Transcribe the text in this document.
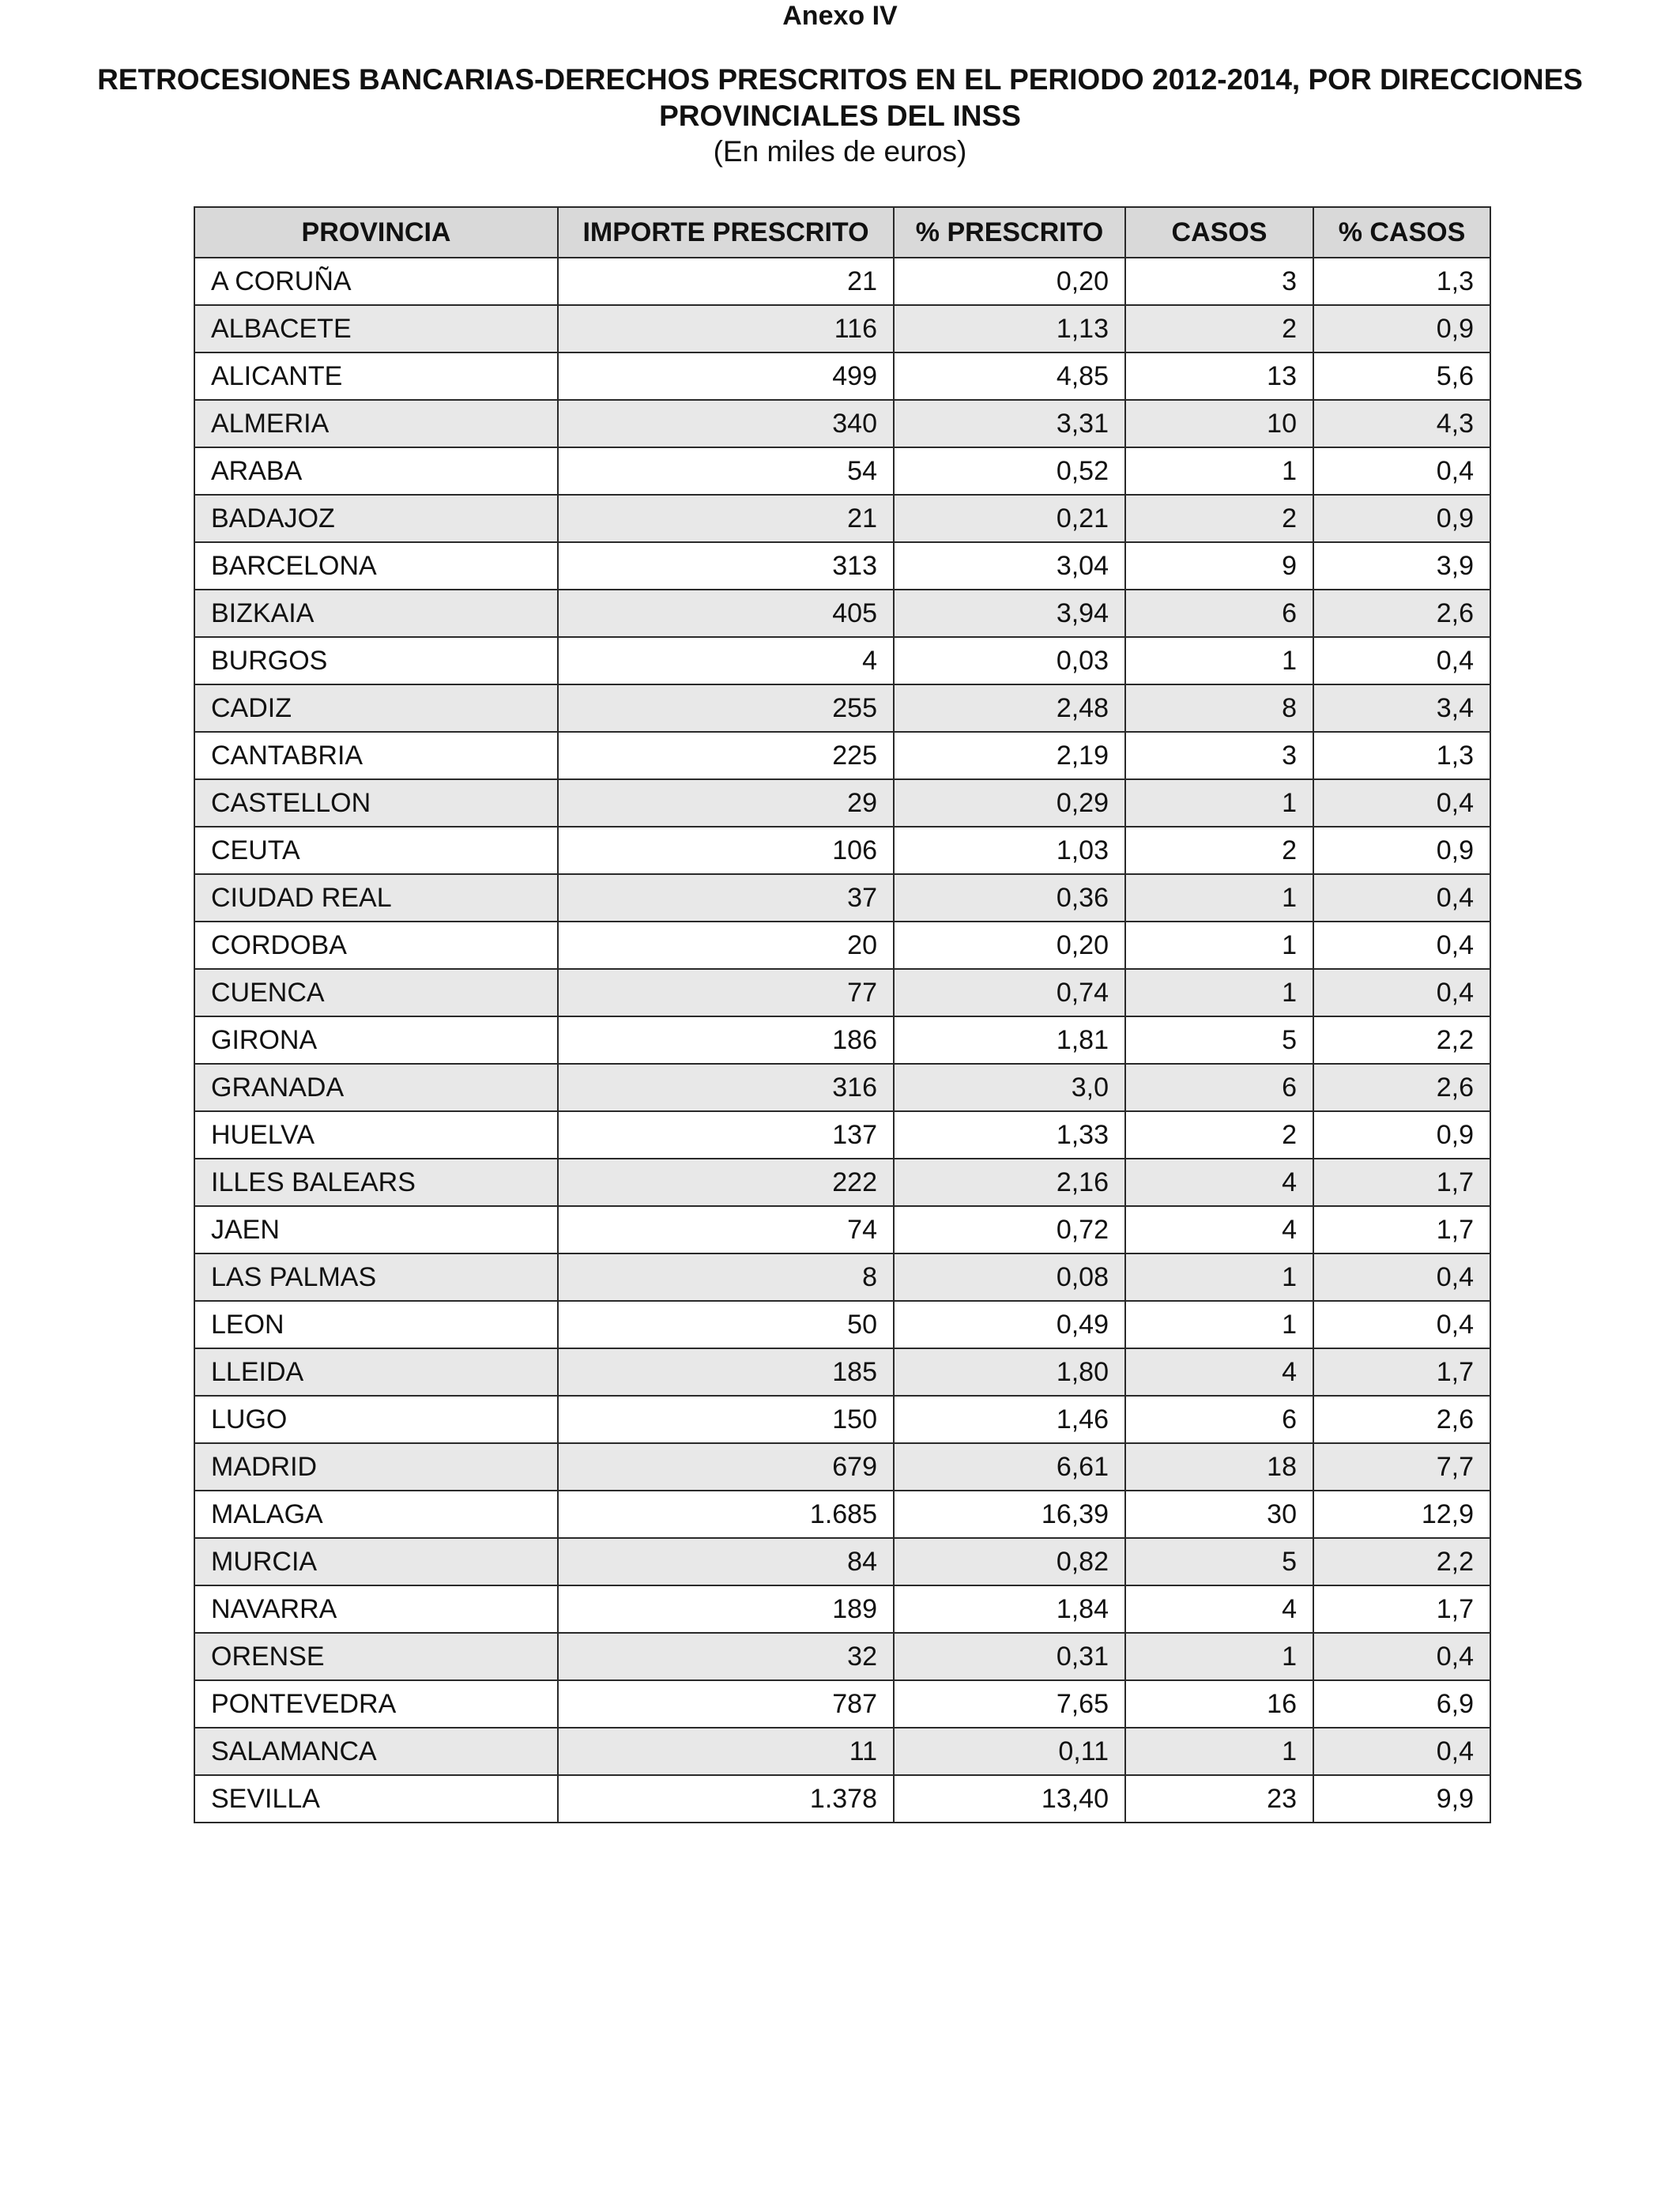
Anexo IV
RETROCESIONES BANCARIAS-DERECHOS PRESCRITOS EN EL PERIODO 2012-2014, POR DIRECCIONES
PROVINCIALES DEL INSS
(En miles de euros)
PROVINCIA	IMPORTE PRESCRITO	% PRESCRITO	CASOS	% CASOS
A CORUÑA	21	0,20	3	1,3
ALBACETE	116	1,13	2	0,9
ALICANTE	499	4,85	13	5,6
ALMERIA	340	3,31	10	4,3
ARABA	54	0,52	1	0,4
BADAJOZ	21	0,21	2	0,9
BARCELONA	313	3,04	9	3,9
BIZKAIA	405	3,94	6	2,6
BURGOS	4	0,03	1	0,4
CADIZ	255	2,48	8	3,4
CANTABRIA	225	2,19	3	1,3
CASTELLON	29	0,29	1	0,4
CEUTA	106	1,03	2	0,9
CIUDAD REAL	37	0,36	1	0,4
CORDOBA	20	0,20	1	0,4
CUENCA	77	0,74	1	0,4
GIRONA	186	1,81	5	2,2
GRANADA	316	3,0	6	2,6
HUELVA	137	1,33	2	0,9
ILLES BALEARS	222	2,16	4	1,7
JAEN	74	0,72	4	1,7
LAS PALMAS	8	0,08	1	0,4
LEON	50	0,49	1	0,4
LLEIDA	185	1,80	4	1,7
LUGO	150	1,46	6	2,6
MADRID	679	6,61	18	7,7
MALAGA	1.685	16,39	30	12,9
MURCIA	84	0,82	5	2,2
NAVARRA	189	1,84	4	1,7
ORENSE	32	0,31	1	0,4
PONTEVEDRA	787	7,65	16	6,9
SALAMANCA	11	0,11	1	0,4
SEVILLA	1.378	13,40	23	9,9
